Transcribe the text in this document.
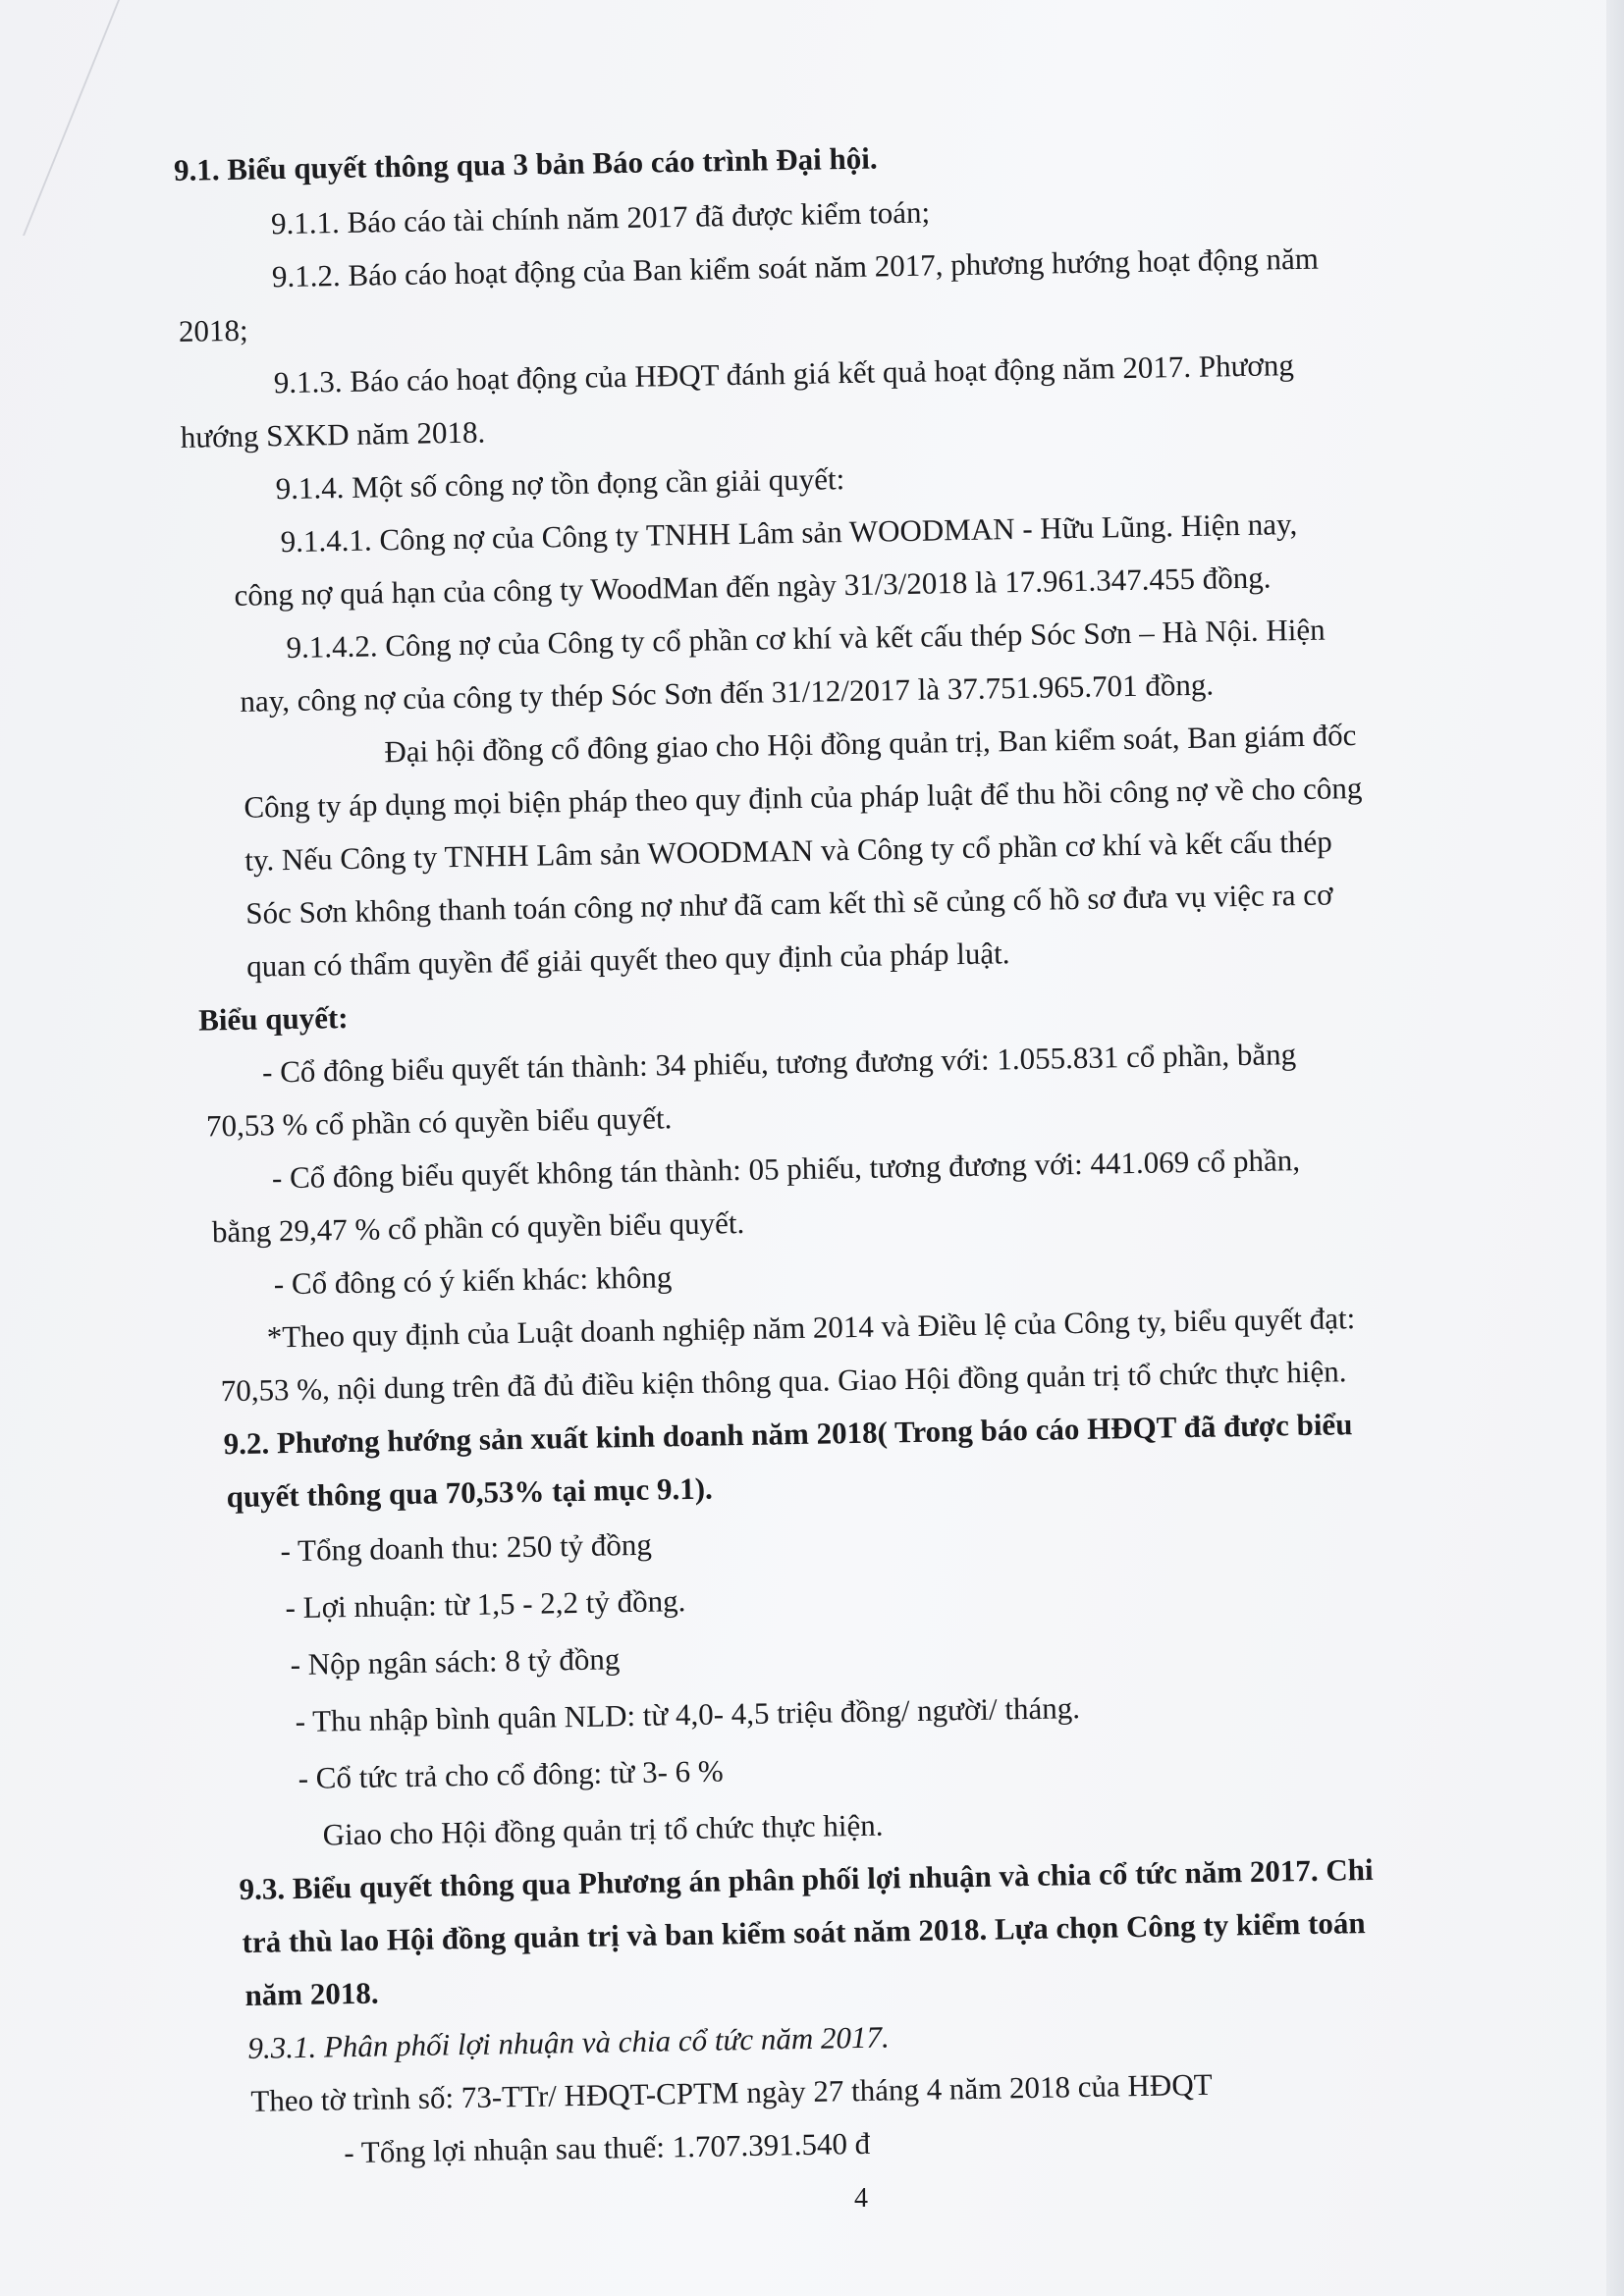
9.1. Biểu quyết thông qua 3 bản Báo cáo trình Đại hội.
9.1.1. Báo cáo tài chính năm 2017 đã được kiểm toán;
9.1.2. Báo cáo hoạt động của Ban kiểm soát năm 2017, phương hướng hoạt động năm
2018;
9.1.3. Báo cáo hoạt động của HĐQT đánh giá kết quả hoạt động năm 2017. Phương
hướng SXKD năm 2018.
9.1.4. Một số công nợ tồn đọng cần giải quyết:
9.1.4.1. Công nợ của Công ty TNHH Lâm sản WOODMAN - Hữu Lũng. Hiện nay,
công nợ quá hạn của công ty WoodMan đến ngày 31/3/2018 là 17.961.347.455 đồng.
9.1.4.2. Công nợ của Công ty cổ phần cơ khí và kết cấu thép Sóc Sơn – Hà Nội. Hiện
nay, công nợ của công ty thép Sóc Sơn đến 31/12/2017 là 37.751.965.701 đồng.
Đại hội đồng cổ đông giao cho Hội đồng quản trị, Ban kiểm soát, Ban giám đốc
Công ty áp dụng mọi biện pháp theo quy định của pháp luật để thu hồi công nợ về cho công
ty. Nếu Công ty TNHH Lâm sản WOODMAN và Công ty cổ phần cơ khí và kết cấu thép
Sóc Sơn không thanh toán công nợ như đã cam kết thì sẽ củng cố hồ sơ đưa vụ việc ra cơ
quan có thẩm quyền để giải quyết theo quy định của pháp luật.
Biểu quyết:
- Cổ đông biểu quyết tán thành: 34 phiếu, tương đương với: 1.055.831 cổ phần, bằng
70,53 % cổ phần có quyền biểu quyết.
- Cổ đông biểu quyết không tán thành: 05 phiếu, tương đương với: 441.069 cổ phần,
bằng 29,47 % cổ phần có quyền biểu quyết.
- Cổ đông có ý kiến khác: không
*Theo quy định của Luật doanh nghiệp năm 2014 và Điều lệ của Công ty, biểu quyết đạt:
70,53 %, nội dung trên đã đủ điều kiện thông qua. Giao Hội đồng quản trị tổ chức thực hiện.
9.2. Phương hướng sản xuất kinh doanh năm 2018( Trong báo cáo HĐQT đã được biểu
quyết thông qua 70,53% tại mục 9.1).
- Tổng doanh thu: 250 tỷ đồng
- Lợi nhuận: từ 1,5 - 2,2 tỷ đồng.
- Nộp ngân sách: 8 tỷ đồng
- Thu nhập bình quân NLD: từ 4,0- 4,5 triệu đồng/ người/ tháng.
- Cổ tức trả cho cổ đông: từ 3- 6 %
Giao cho Hội đồng quản trị tổ chức thực hiện.
9.3. Biểu quyết thông qua Phương án phân phối lợi nhuận và chia cổ tức năm 2017. Chi
trả thù lao Hội đồng quản trị và ban kiểm soát năm 2018. Lựa chọn Công ty kiểm toán
năm 2018.
9.3.1. Phân phối lợi nhuận và chia cổ tức năm 2017.
Theo tờ trình số: 73-TTr/ HĐQT-CPTM ngày 27 tháng 4 năm 2018 của HĐQT
- Tổng lợi nhuận sau thuế: 1.707.391.540 đ
4
